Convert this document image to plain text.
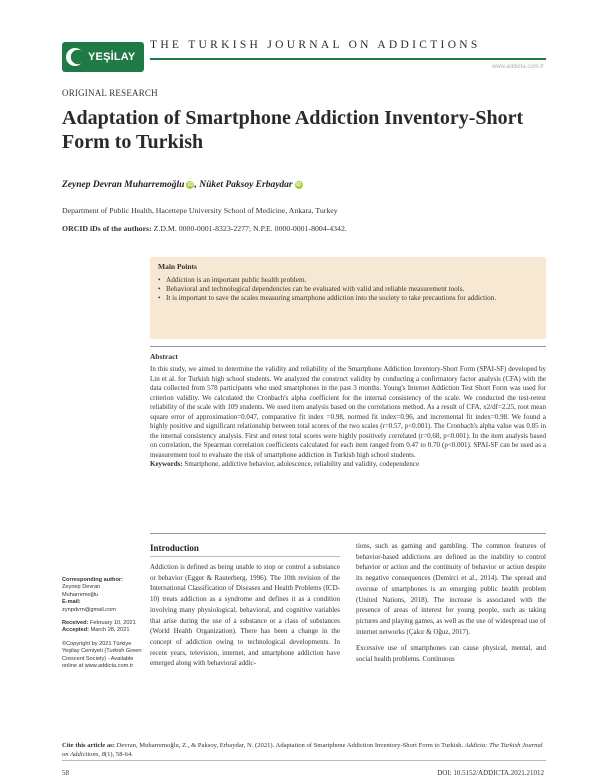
YEŞİLAY
THE TURKISH JOURNAL ON ADDICTIONS
www.addicta.com.tr
ORIGINAL RESEARCH
Adaptation of Smartphone Addiction Inventory-Short Form to Turkish
Zeynep Devran Muharremoğlu iD , Nüket Paksoy Erbaydar iD
Department of Public Health, Hacettepe University School of Medicine, Ankara, Turkey
ORCID iDs of the authors: Z.D.M. 0000-0001-8323-2277; N.P.E. 0000-0001-8004-4342.
Main Points
• Addiction is an important public health problem.
• Behavioral and technological dependencies can be evaluated with valid and reliable measurement tools.
• It is important to save the scales measuring smartphone addiction into the society to take precautions for addiction.
Abstract
In this study, we aimed to determine the validity and reliability of the Smartphone Addiction Inventory-Short Form (SPAI-SF) developed by Lin et al. for Turkish high school students. We analyzed the construct validity by conducting a confirmatory factor analysis (CFA) with the data collected from 578 participants who used smartphones in the past 3 months. Young's Internet Addiction Test Short Form was used for criterion validity. We calculated the Cronbach's alpha coefficient for the internal consistency of the scale. We conducted the test-retest reliability of the scale with 109 students. We used item analysis based on the correlations method. As a result of CFA, x2/df=2.25, root mean square error of approximation=0.047, comparative fit index =0.98, normed fit index=0.96, and incremental fit index=0.98. We found a highly positive and significant relationship between total scores of the two scales (r=0.57, p<0.001). The Cronbach's alpha value was 0.85 in the internal consistency analysis. First and retest total scores were highly positively correlated (r=0.68, p<0.001). In the item analysis based on correlation, the Spearman correlation coefficients calculated for each item ranged from 0.47 to 0.70 (p<0.001). SPAI-SF can be used as a measurement tool to evaluate the risk of smartphone addiction in Turkish high school students.
Keywords: Smartphone, addictive behavior, adolescence, reliability and validity, codependence
Introduction
Addiction is defined as being unable to stop or control a substance or behavior (Egger & Rauterberg, 1996). The 10th revision of the International Classification of Diseases and Health Problems (ICD-10) treats addiction as a syndrome and defines it as a condition involving many physiological, behavioral, and cognitive variables that arise during the use of a substance or a class of substances (World Health Organization). There has been a change in the concept of addiction owing to technological developments. In recent years, television, internet, and smartphone addiction have emerged along with behavioral addic-

tions, such as gaming and gambling. The common features of behavior-based addictions are defined as the inability to control behavior or action and the continuity of behavior or action despite its negative consequences (Demirci et al., 2014). The spread and overuse of smartphones is an emerging public health problem (United Nations, 2018). The increase is associated with the presence of areas of interest for young people, such as taking pictures and playing games, as well as the use of widespread use of internet networks (Çakır & Oğuz, 2017).

Excessive use of smartphones can cause physical, mental, and social health problems. Continuous

Corresponding author:
Zeynep Devran
Muharremoğlu
E-mail:
zynpdvrn@gmail.com
Received: February 10, 2021
Accepted: March 28, 2021
©Copyright by 2021 Türkiye Yeşilay Cemiyeti (Turkish Green Crescent Society) - Available online at www.addicta.com.tr
Cite this article as: Devran, Muharremoğlu, Z., & Paksoy, Erbaydar, N. (2021). Adaptation of Smartphone Addiction Inventory-Short Form to Turkish. Addicta: The Turkish Journal on Addictions, 8(1), 58-64.
58	DOI: 10.5152/ADDICTA.2021.21012
